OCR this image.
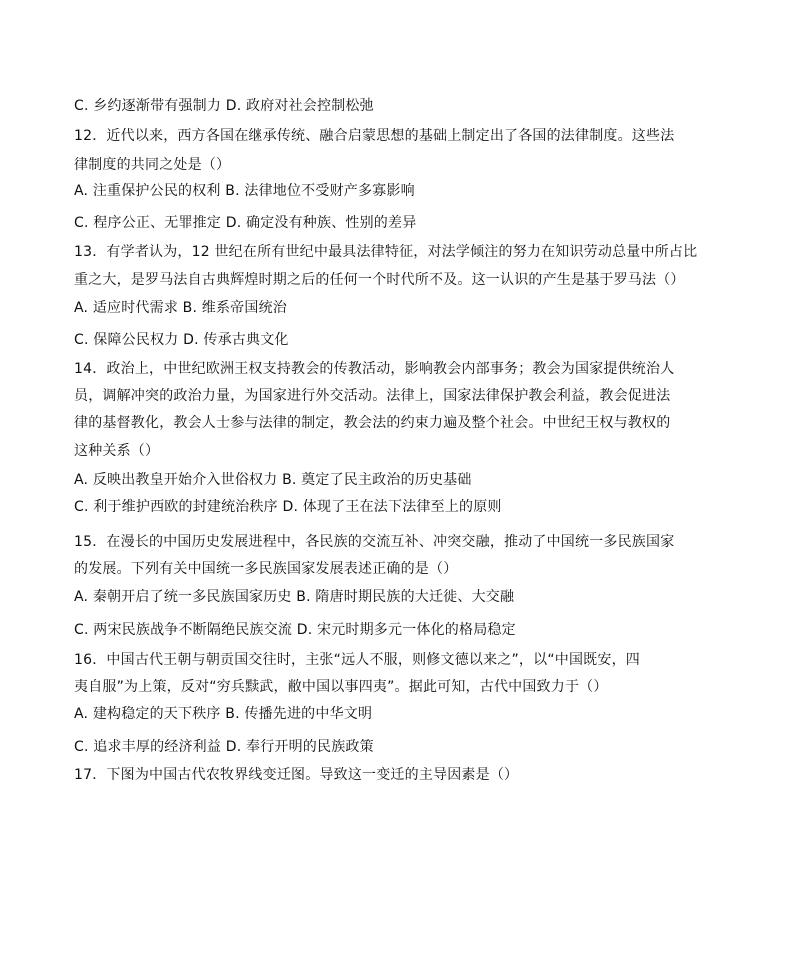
C. 乡约逐渐带有强制力 D. 政府对社会控制松弛
12．近代以来，西方各国在继承传统、融合启蒙思想的基础上制定出了各国的法律制度。这些法
律制度的共同之处是（）
A. 注重保护公民的权利 B. 法律地位不受财产多寡影响
C. 程序公正、无罪推定 D. 确定没有种族、性别的差异
13．有学者认为，12 世纪在所有世纪中最具法律特征，对法学倾注的努力在知识劳动总量中所占比
重之大，是罗马法自古典辉煌时期之后的任何一个时代所不及。这一认识的产生是基于罗马法（）
A. 适应时代需求 B. 维系帝国统治
C. 保障公民权力 D. 传承古典文化
14．政治上，中世纪欧洲王权支持教会的传教活动，影响教会内部事务；教会为国家提供统治人
员，调解冲突的政治力量，为国家进行外交活动。法律上，国家法律保护教会利益，教会促进法
律的基督教化，教会人士参与法律的制定，教会法的约束力遍及整个社会。中世纪王权与教权的
这种关系（）
A. 反映出教皇开始介入世俗权力 B. 奠定了民主政治的历史基础
C. 利于维护西欧的封建统治秩序 D. 体现了王在法下法律至上的原则
15．在漫长的中国历史发展进程中，各民族的交流互补、冲突交融，推动了中国统一多民族国家
的发展。下列有关中国统一多民族国家发展表述正确的是（）
A. 秦朝开启了统一多民族国家历史 B. 隋唐时期民族的大迁徙、大交融
C. 两宋民族战争不断隔绝民族交流 D. 宋元时期多元一体化的格局稳定
16．中国古代王朝与朝贡国交往时，主张“远人不服，则修文德以来之”，以“中国既安，四
夷自服”为上策，反对“穷兵黩武，敝中国以事四夷”。据此可知，古代中国致力于（）
A. 建构稳定的天下秩序 B. 传播先进的中华文明
C. 追求丰厚的经济利益 D. 奉行开明的民族政策
17．下图为中国古代农牧界线变迁图。导致这一变迁的主导因素是（）
